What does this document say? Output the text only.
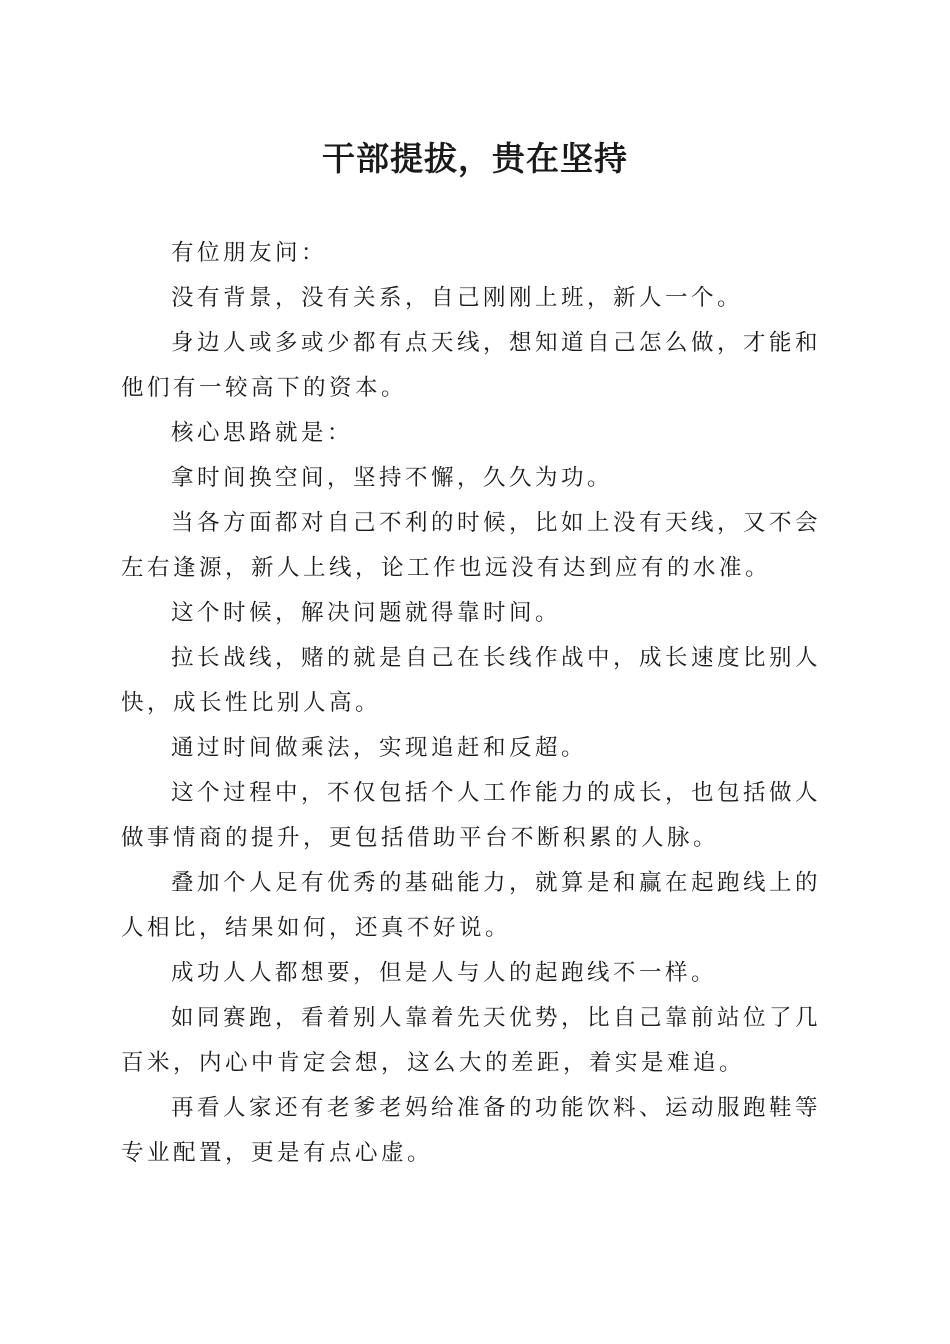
干部提拔，贵在坚持

有位朋友问：

没有背景，没有关系，自己刚刚上班，新人一个。

身边人或多或少都有点天线，想知道自己怎么做，才能和他们有一较高下的资本。

核心思路就是：

拿时间换空间，坚持不懈，久久为功。

当各方面都对自己不利的时候，比如上没有天线，又不会左右逢源，新人上线，论工作也远没有达到应有的水准。

这个时候，解决问题就得靠时间。

拉长战线，赌的就是自己在长线作战中，成长速度比别人快，成长性比别人高。

通过时间做乘法，实现追赶和反超。

这个过程中，不仅包括个人工作能力的成长，也包括做人做事情商的提升，更包括借助平台不断积累的人脉。

叠加个人足有优秀的基础能力，就算是和赢在起跑线上的人相比，结果如何，还真不好说。

成功人人都想要，但是人与人的起跑线不一样。

如同赛跑，看着别人靠着先天优势，比自己靠前站位了几百米，内心中肯定会想，这么大的差距，着实是难追。

再看人家还有老爹老妈给准备的功能饮料、运动服跑鞋等专业配置，更是有点心虚。
